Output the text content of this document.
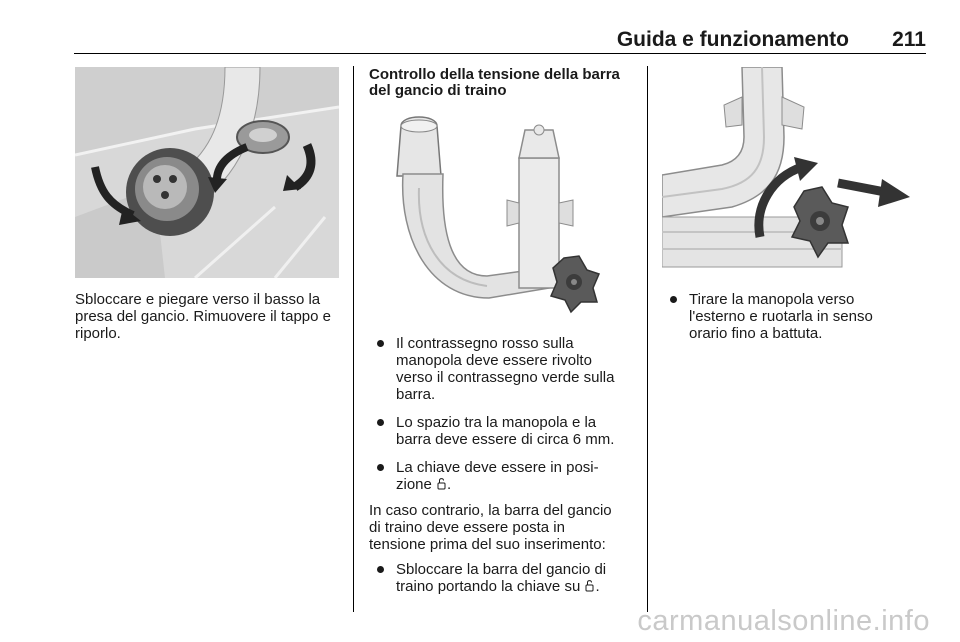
Guida e funzionamento	211
Sbloccare e piegare verso il basso la presa del gancio. Rimuovere il tappo e riporlo.
Controllo della tensione della barra
del gancio di traino
Il contrassegno rosso sulla
manopola deve essere rivolto
verso il contrassegno verde sulla
barra.
Lo spazio tra la manopola e la
barra deve essere di circa 6 mm.
La chiave deve essere in posi-
zione .
In caso contrario, la barra del gancio
di traino deve essere posta in
tensione prima del suo inserimento:
Sbloccare la barra del gancio di
traino portando la chiave su .
Tirare la manopola verso
l'esterno e ruotarla in senso
orario fino a battuta.
carmanualsonline.info
